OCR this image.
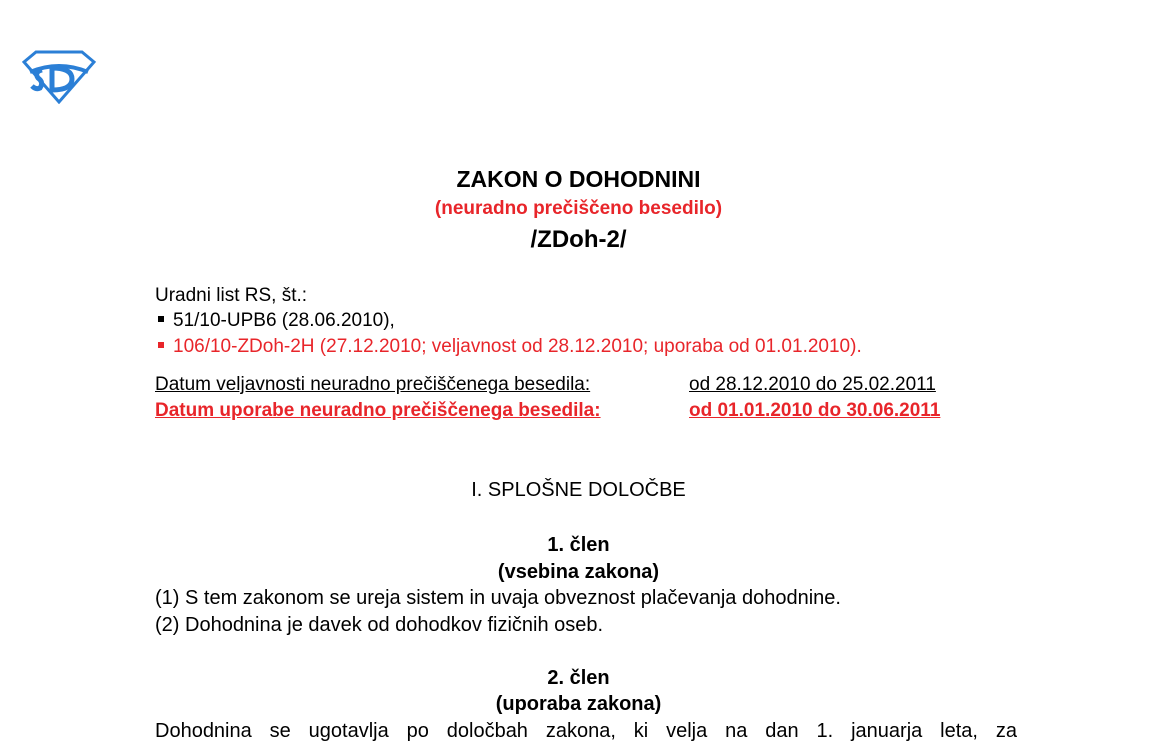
ZAKON O DOHODNINI
(neuradno prečiščeno besedilo)
/ZDoh-2/
Uradni list RS, št.:
51/10-UPB6 (28.06.2010),
106/10-ZDoh-2H (27.12.2010; veljavnost od 28.12.2010; uporaba od 01.01.2010).
Datum veljavnosti neuradno prečiščenega besedila:	od 28.12.2010 do 25.02.2011
Datum uporabe neuradno prečiščenega besedila:	od 01.01.2010 do 30.06.2011
I. SPLOŠNE DOLOČBE
1. člen
(vsebina zakona)
(1) S tem zakonom se ureja sistem in uvaja obveznost plačevanja dohodnine.
(2) Dohodnina je davek od dohodkov fizičnih oseb.
2. člen
(uporaba zakona)
Dohodnina se ugotavlja po določbah zakona, ki velja na dan 1. januarja leta, za
